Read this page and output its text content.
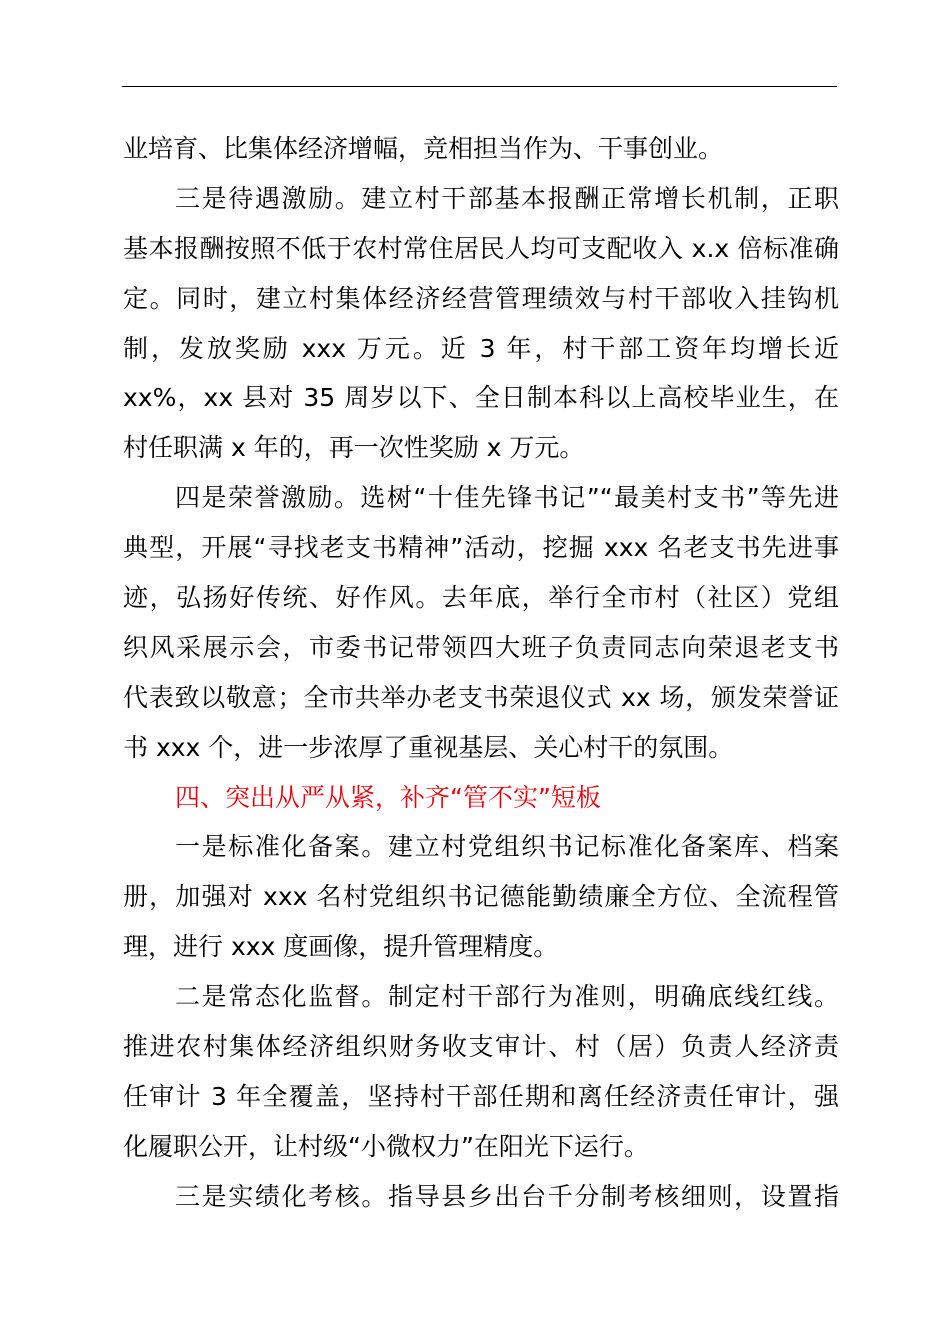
业培育、比集体经济增幅，竞相担当作为、干事创业。
三是待遇激励。建立村干部基本报酬正常增长机制，正职
基本报酬按照不低于农村常住居民人均可支配收入 x.x 倍标准确
定。同时，建立村集体经济经营管理绩效与村干部收入挂钩机
制，发放奖励 xxx 万元。近 3 年，村干部工资年均增长近
xx%，xx 县对 35 周岁以下、全日制本科以上高校毕业生，在
村任职满 x 年的，再一次性奖励 x 万元。
四是荣誉激励。选树“十佳先锋书记”“最美村支书”等先进
典型，开展“寻找老支书精神”活动，挖掘 xxx 名老支书先进事
迹，弘扬好传统、好作风。去年底，举行全市村（社区）党组
织风采展示会，市委书记带领四大班子负责同志向荣退老支书
代表致以敬意；全市共举办老支书荣退仪式 xx 场，颁发荣誉证
书 xxx 个，进一步浓厚了重视基层、关心村干的氛围。
四、突出从严从紧，补齐“管不实”短板
一是标准化备案。建立村党组织书记标准化备案库、档案
册，加强对 xxx 名村党组织书记德能勤绩廉全方位、全流程管
理，进行 xxx 度画像，提升管理精度。
二是常态化监督。制定村干部行为准则，明确底线红线。
推进农村集体经济组织财务收支审计、村（居）负责人经济责
任审计 3 年全覆盖，坚持村干部任期和离任经济责任审计，强
化履职公开，让村级“小微权力”在阳光下运行。
三是实绩化考核。指导县乡出台千分制考核细则，设置指
